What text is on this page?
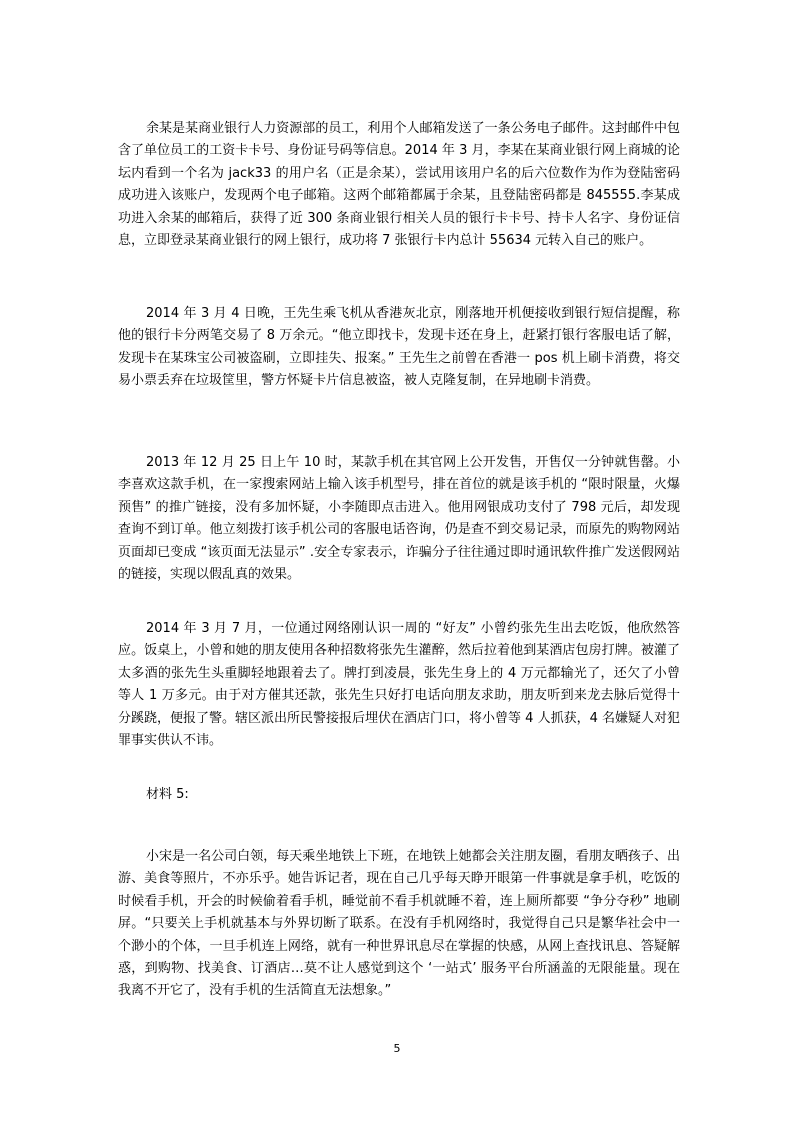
余某是某商业银行人力资源部的员工，利用个人邮箱发送了一条公务电子邮件。这封邮件中包含了单位员工的工资卡卡号、身份证号码等信息。2014 年 3 月，李某在某商业银行网上商城的论坛内看到一个名为 jack33 的用户名（正是余某），尝试用该用户名的后六位数作为作为登陆密码成功进入该账户，发现两个电子邮箱。这两个邮箱都属于余某，且登陆密码都是 845555.李某成功进入余某的邮箱后，获得了近 300 条商业银行相关人员的银行卡卡号、持卡人名字、身份证信息，立即登录某商业银行的网上银行，成功将 7 张银行卡内总计 55634 元转入自己的账户。

2014 年 3 月 4 日晚，王先生乘飞机从香港灰北京，刚落地开机便接收到银行短信提醒，称他的银行卡分两笔交易了 8 万余元。“他立即找卡，发现卡还在身上，赶紧打银行客服电话了解，发现卡在某珠宝公司被盗刷，立即挂失、报案。” 王先生之前曾在香港一 pos 机上刷卡消费，将交易小票丢弃在垃圾筐里，警方怀疑卡片信息被盗，被人克隆复制，在异地刷卡消费。

2013 年 12 月 25 日上午 10 时，某款手机在其官网上公开发售，开售仅一分钟就售罄。小李喜欢这款手机，在一家搜索网站上输入该手机型号，排在首位的就是该手机的 “限时限量，火爆预售” 的推广链接，没有多加怀疑，小李随即点击进入。他用网银成功支付了 798 元后，却发现查询不到订单。他立刻拨打该手机公司的客服电话咨询，仍是查不到交易记录，而原先的购物网站页面却已变成 “该页面无法显示” .安全专家表示，诈骗分子往往通过即时通讯软件推广发送假网站的链接，实现以假乱真的效果。

2014 年 3 月 7 月，一位通过网络刚认识一周的 “好友” 小曾约张先生出去吃饭，他欣然答应。饭桌上，小曾和她的朋友使用各种招数将张先生灌醉，然后拉着他到某酒店包房打牌。被灌了太多酒的张先生头重脚轻地跟着去了。牌打到凌晨，张先生身上的 4 万元都输光了，还欠了小曾等人 1 万多元。由于对方催其还款，张先生只好打电话向朋友求助，朋友听到来龙去脉后觉得十分蹊跷，便报了警。辖区派出所民警接报后埋伏在酒店门口，将小曾等 4 人抓获，4 名嫌疑人对犯罪事实供认不讳。

材料 5:

小宋是一名公司白领，每天乘坐地铁上下班，在地铁上她都会关注朋友圈，看朋友晒孩子、出游、美食等照片，不亦乐乎。她告诉记者，现在自己几乎每天睁开眼第一件事就是拿手机，吃饭的时候看手机，开会的时候偷着看手机，睡觉前不看手机就睡不着，连上厕所都要 “争分夺秒” 地刷屏。“只要关上手机就基本与外界切断了联系。在没有手机网络时，我觉得自己只是繁华社会中一个渺小的个体，一旦手机连上网络，就有一种世界讯息尽在掌握的快感，从网上查找讯息、答疑解惑，到购物、找美食、订酒店…莫不让人感觉到这个 ‘一站式’ 服务平台所涵盖的无限能量。现在我离不开它了，没有手机的生活简直无法想象。”

5
